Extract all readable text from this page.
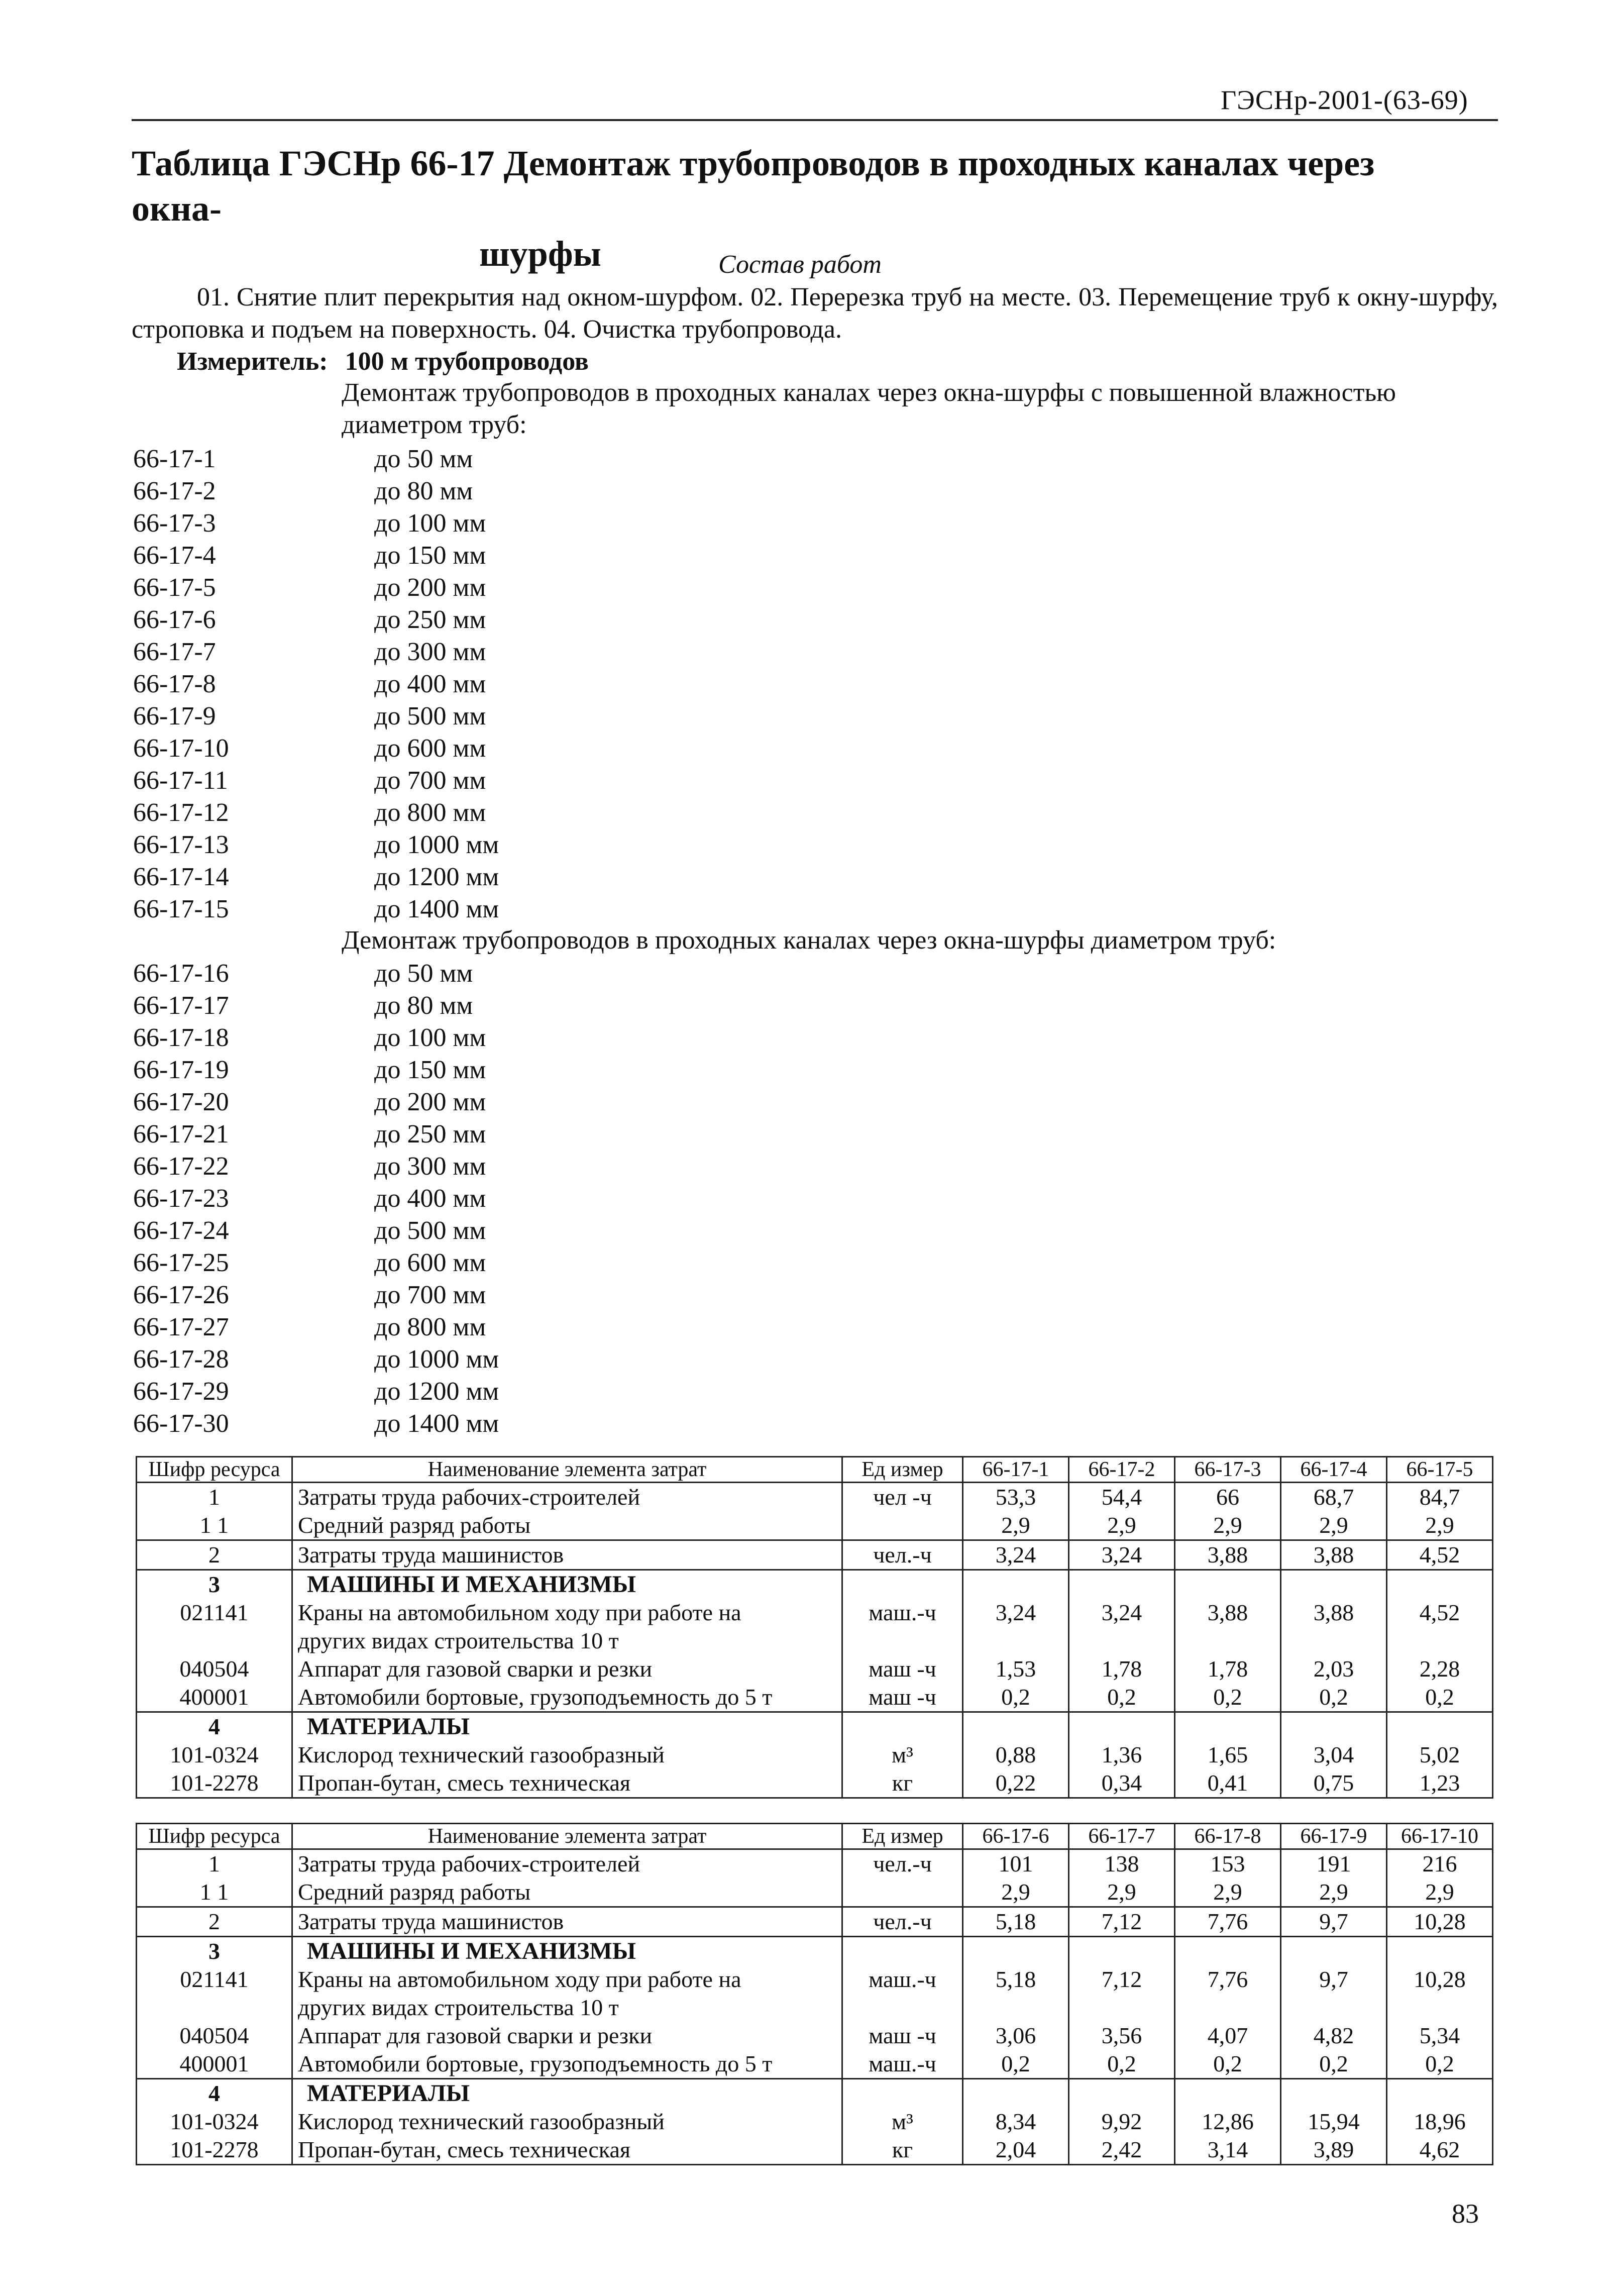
ГЭСНр-2001-(63-69)
Таблица ГЭСНр 66-17 Демонтаж трубопроводов в проходных каналах через окна-
шурфы	Состав работ
01. Снятие плит перекрытия над окном-шурфом. 02. Перерезка труб на месте. 03. Перемещение труб к окну-шурфу, строповка и подъем на поверхность. 04. Очистка трубопровода.
Измеритель: 100 м трубопроводов
Демонтаж трубопроводов в проходных каналах через окна-шурфы с повышенной влажностью диаметром труб:
66-17-1	до 50 мм
66-17-2	до 80 мм
66-17-3	до 100 мм
66-17-4	до 150 мм
66-17-5	до 200 мм
66-17-6	до 250 мм
66-17-7	до 300 мм
66-17-8	до 400 мм
66-17-9	до 500 мм
66-17-10	до 600 мм
66-17-11	до 700 мм
66-17-12	до 800 мм
66-17-13	до 1000 мм
66-17-14	до 1200 мм
66-17-15	до 1400 мм
Демонтаж трубопроводов в проходных каналах через окна-шурфы диаметром труб:
66-17-16	до 50 мм
66-17-17	до 80 мм
66-17-18	до 100 мм
66-17-19	до 150 мм
66-17-20	до 200 мм
66-17-21	до 250 мм
66-17-22	до 300 мм
66-17-23	до 400 мм
66-17-24	до 500 мм
66-17-25	до 600 мм
66-17-26	до 700 мм
66-17-27	до 800 мм
66-17-28	до 1000 мм
66-17-29	до 1200 мм
66-17-30	до 1400 мм
Шифр ресурса	Наименование элемента затрат	Ед измер	66-17-1	66-17-2	66-17-3	66-17-4	66-17-5
1	Затраты труда рабочих-строителей	чел -ч	53,3	54,4	66	68,7	84,7
1 1	Средний разряд работы		2,9	2,9	2,9	2,9	2,9
2	Затраты труда машинистов	чел.-ч	3,24	3,24	3,88	3,88	4,52
3	МАШИНЫ И МЕХАНИЗМЫ						
021141	Краны на автомобильном ходу при работе на	маш.-ч	3,24	3,24	3,88	3,88	4,52
	других видах строительства 10 т						
040504	Аппарат для газовой сварки и резки	маш -ч	1,53	1,78	1,78	2,03	2,28
400001	Автомобили бортовые, грузоподъемность до 5 т	маш -ч	0,2	0,2	0,2	0,2	0,2
4	МАТЕРИАЛЫ						
101-0324	Кислород технический газообразный	м³	0,88	1,36	1,65	3,04	5,02
101-2278	Пропан-бутан, смесь техническая	кг	0,22	0,34	0,41	0,75	1,23
Шифр ресурса	Наименование элемента затрат	Ед измер	66-17-6	66-17-7	66-17-8	66-17-9	66-17-10
1	Затраты труда рабочих-строителей	чел.-ч	101	138	153	191	216
1 1	Средний разряд работы		2,9	2,9	2,9	2,9	2,9
2	Затраты труда машинистов	чел.-ч	5,18	7,12	7,76	9,7	10,28
3	МАШИНЫ И МЕХАНИЗМЫ						
021141	Краны на автомобильном ходу при работе на	маш.-ч	5,18	7,12	7,76	9,7	10,28
	других видах строительства 10 т						
040504	Аппарат для газовой сварки и резки	маш -ч	3,06	3,56	4,07	4,82	5,34
400001	Автомобили бортовые, грузоподъемность до 5 т	маш.-ч	0,2	0,2	0,2	0,2	0,2
4	МАТЕРИАЛЫ						
101-0324	Кислород технический газообразный	м³	8,34	9,92	12,86	15,94	18,96
101-2278	Пропан-бутан, смесь техническая	кг	2,04	2,42	3,14	3,89	4,62
83
